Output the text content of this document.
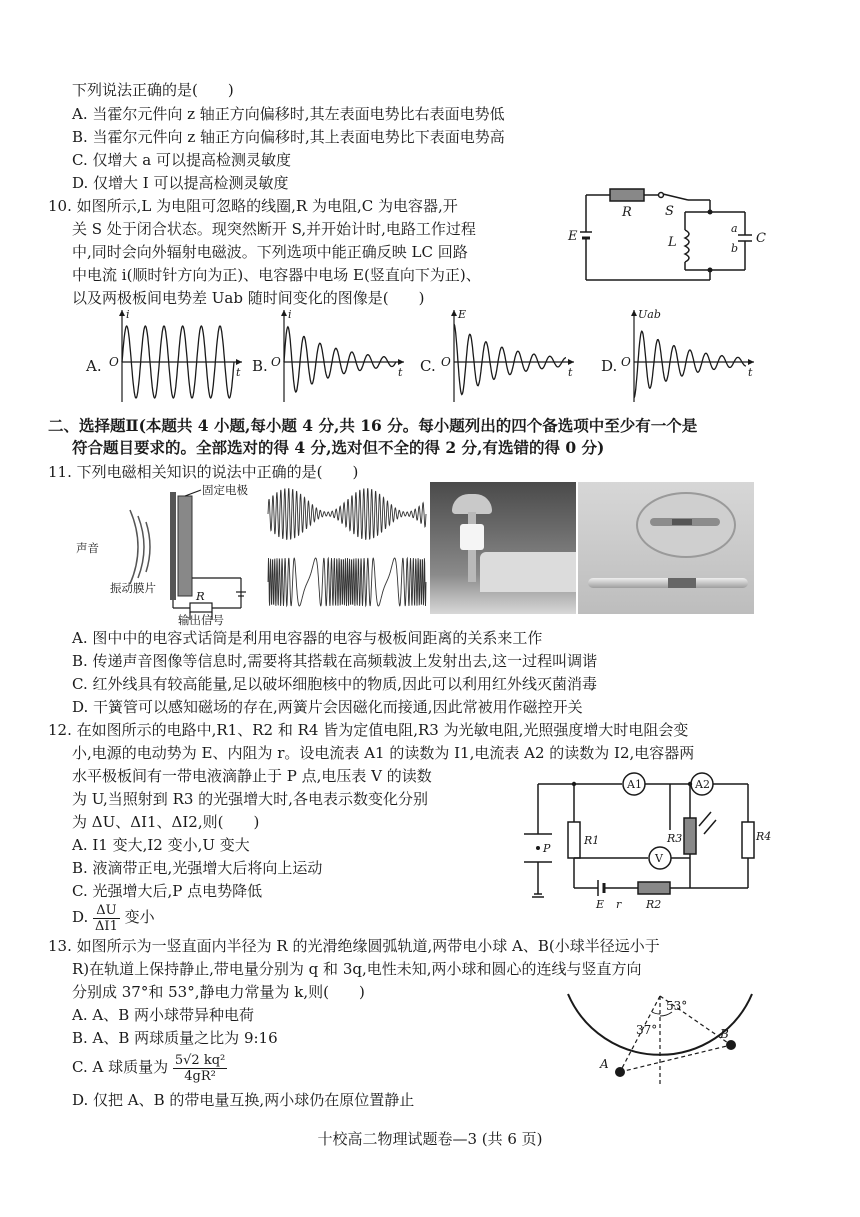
下列说法正确的是(　　)
A. 当霍尔元件向 z 轴正方向偏移时,其左表面电势比右表面电势低
B. 当霍尔元件向 z 轴正方向偏移时,其上表面电势比下表面电势高
C. 仅增大 a 可以提高检测灵敏度
D. 仅增大 I 可以提高检测灵敏度
10. 如图所示,L 为电阻可忽略的线圈,R 为电阻,C 为电容器,开
关 S 处于闭合状态。现突然断开 S,并开始计时,电路工作过程
中,同时会向外辐射电磁波。下列选项中能正确反映 LC 回路
中电流 i(顺时针方向为正)、电容器中电场 E(竖直向下为正)、
以及两极板间电势差 Uab 随时间变化的图像是(　　)
R	S
E	L	C
a
b
A.
i
t
O	B.
i
t
O	C.
E
t
O	D.
Uab
t
O
二、选择题Ⅱ(本题共 4 小题,每小题 4 分,共 16 分。每小题列出的四个备选项中至少有一个是
符合题目要求的。全部选对的得 4 分,选对但不全的得 2 分,有选错的得 0 分)
11. 下列电磁相关知识的说法中正确的是(　　)
固定电极
声音
振动膜片
R
输出信号
A. 图中中的电容式话筒是利用电容器的电容与极板间距离的关系来工作
B. 传递声音图像等信息时,需要将其搭载在高频载波上发射出去,这一过程叫调谐
C. 红外线具有较高能量,足以破坏细胞核中的物质,因此可以利用红外线灭菌消毒
D. 干簧管可以感知磁场的存在,两簧片会因磁化而接通,因此常被用作磁控开关
12. 在如图所示的电路中,R1、R2 和 R4 皆为定值电阻,R3 为光敏电阻,光照强度增大时电阻会变
小,电源的电动势为 E、内阻为 r。设电流表 A1 的读数为 I1,电流表 A2 的读数为 I2,电容器两
水平极板间有一带电液滴静止于 P 点,电压表 V 的读数
为 U,当照射到 R3 的光强增大时,各电表示数变化分别
为 ΔU、ΔI1、ΔI2,则(　　)
A. I1 变大,I2 变小,U 变大
B. 液滴带正电,光强增大后将向上运动
C. 光强增大后,P 点电势降低
D. $\frac{\Delta U}{\Delta I1}$ 变小
A1	A2
V
R1
R2
R3	R4
P
E r
13. 如图所示为一竖直面内半径为 R 的光滑绝缘圆弧轨道,两带电小球 A、B(小球半径远小于
R)在轨道上保持静止,带电量分别为 q 和 3q,电性未知,两小球和圆心的连线与竖直方向
分别成 37°和 53°,静电力常量为 k,则(　　)
A. A、B 两小球带异种电荷
B. A、B 两球质量之比为 9:16
C. A 球质量为 $\frac{\text{5√2 kq²}}{\text{4gR²}}$
D. 仅把 A、B 的带电量互换,两小球仍在原位置静止
37°
53°
A
B
十校高二物理试题卷—3 (共 6 页)
